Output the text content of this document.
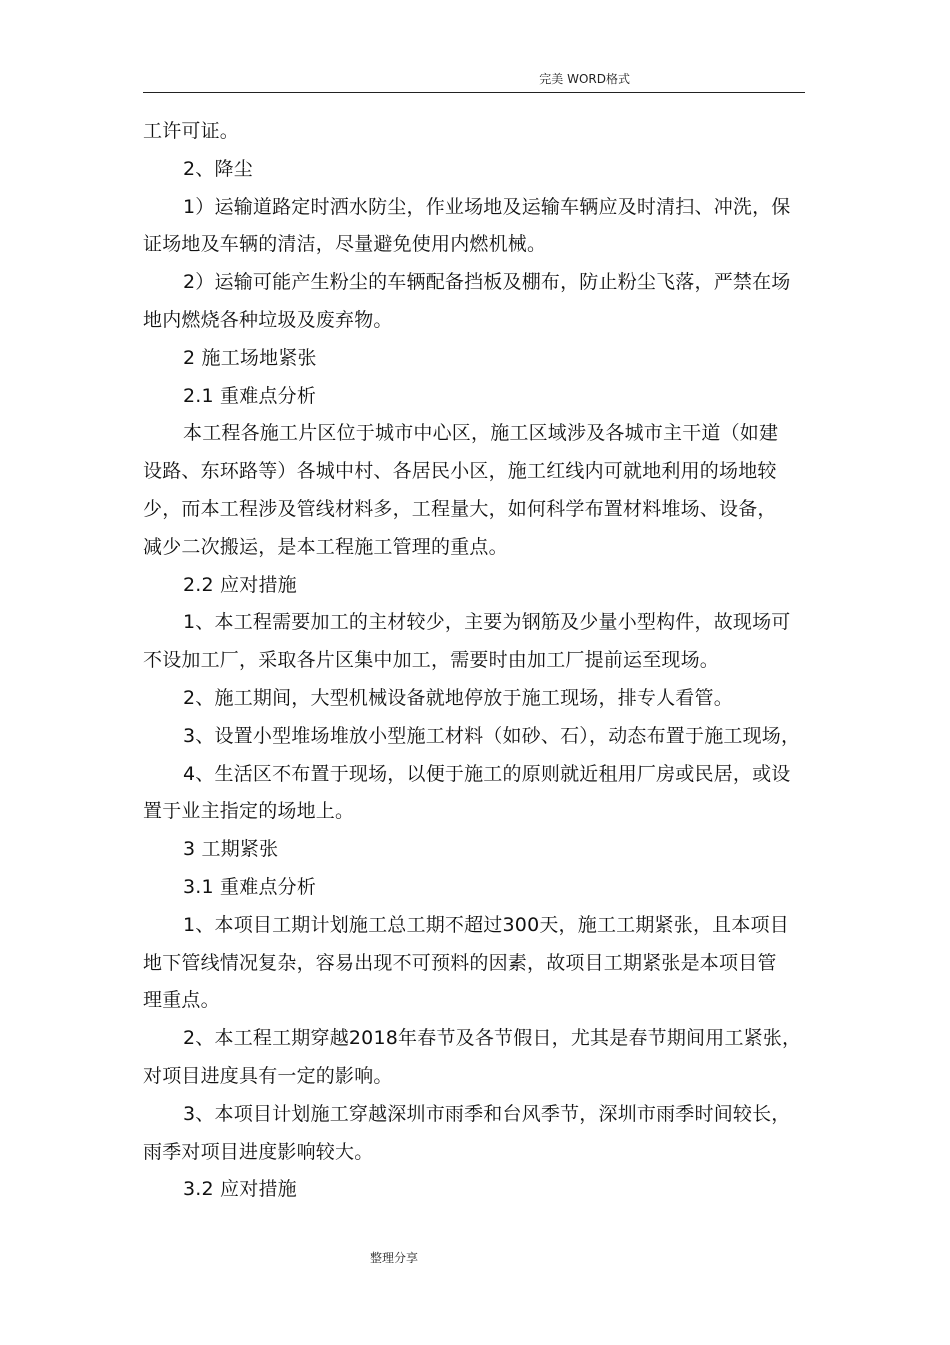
完美 WORD格式
工许可证。
2、降尘
1）运输道路定时洒水防尘，作业场地及运输车辆应及时清扫、冲洗，保
证场地及车辆的清洁，尽量避免使用内燃机械。
2）运输可能产生粉尘的车辆配备挡板及棚布，防止粉尘飞落，严禁在场
地内燃烧各种垃圾及废弃物。
2 施工场地紧张
2.1 重难点分析
本工程各施工片区位于城市中心区，施工区域涉及各城市主干道（如建
设路、东环路等）各城中村、各居民小区，施工红线内可就地利用的场地较
少，而本工程涉及管线材料多，工程量大，如何科学布置材料堆场、设备，
减少二次搬运，是本工程施工管理的重点。
2.2 应对措施
1、本工程需要加工的主材较少，主要为钢筋及少量小型构件，故现场可
不设加工厂，采取各片区集中加工，需要时由加工厂提前运至现场。
2、施工期间，大型机械设备就地停放于施工现场，排专人看管。
3、设置小型堆场堆放小型施工材料（如砂、石），动态布置于施工现场，
4、生活区不布置于现场，以便于施工的原则就近租用厂房或民居，或设
置于业主指定的场地上。
3 工期紧张
3.1 重难点分析
1、本项目工期计划施工总工期不超过300天，施工工期紧张，且本项目
地下管线情况复杂，容易出现不可预料的因素，故项目工期紧张是本项目管
理重点。
2、本工程工期穿越2018年春节及各节假日，尤其是春节期间用工紧张，
对项目进度具有一定的影响。
3、本项目计划施工穿越深圳市雨季和台风季节，深圳市雨季时间较长，
雨季对项目进度影响较大。
3.2 应对措施
整理分享
